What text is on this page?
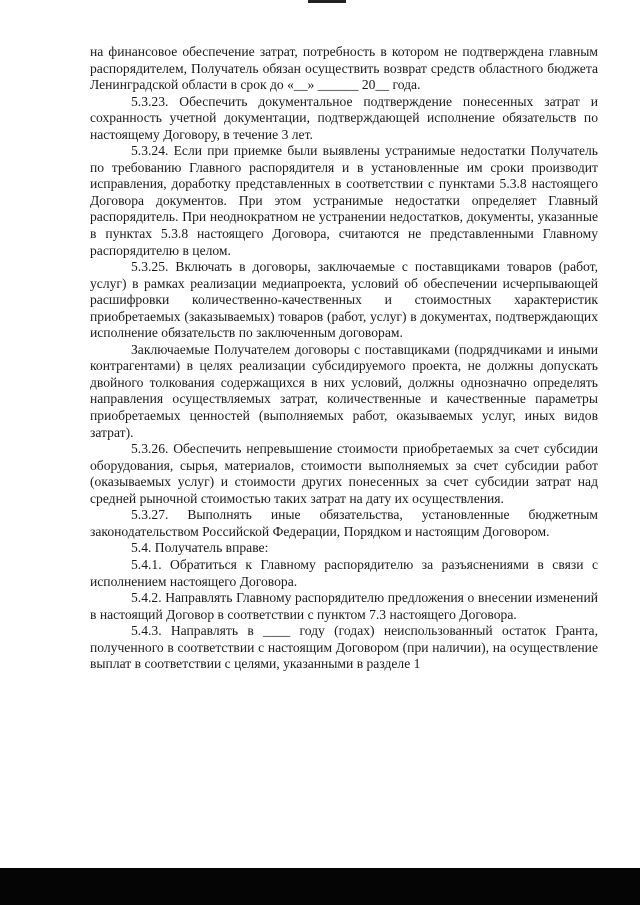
на финансовое обеспечение затрат, потребность в котором не подтверждена главным распорядителем, Получатель обязан осуществить возврат средств областного бюджета Ленинградской области в срок до «__» ______ 20__ года.

5.3.23. Обеспечить документальное подтверждение понесенных затрат и сохранность учетной документации, подтверждающей исполнение обязательств по настоящему Договору, в течение 3 лет.

5.3.24. Если при приемке были выявлены устранимые недостатки Получатель по требованию Главного распорядителя и в установленные им сроки производит исправления, доработку представленных в соответствии с пунктами 5.3.8 настоящего Договора документов. При этом устранимые недостатки определяет Главный распорядитель. При неоднократном не устранении недостатков, документы, указанные в пунктах 5.3.8 настоящего Договора, считаются не представленными Главному распорядителю в целом.

5.3.25. Включать в договоры, заключаемые с поставщиками товаров (работ, услуг) в рамках реализации медиапроекта, условий об обеспечении исчерпывающей расшифровки количественно-качественных и стоимостных характеристик приобретаемых (заказываемых) товаров (работ, услуг) в документах, подтверждающих исполнение обязательств по заключенным договорам.

Заключаемые Получателем договоры с поставщиками (подрядчиками и иными контрагентами) в целях реализации субсидируемого проекта, не должны допускать двойного толкования содержащихся в них условий, должны однозначно определять направления осуществляемых затрат, количественные и качественные параметры приобретаемых ценностей (выполняемых работ, оказываемых услуг, иных видов затрат).

5.3.26. Обеспечить непревышение стоимости приобретаемых за счет субсидии оборудования, сырья, материалов, стоимости выполняемых за счет субсидии работ (оказываемых услуг) и стоимости других понесенных за счет субсидии затрат над средней рыночной стоимостью таких затрат на дату их осуществления.

5.3.27. Выполнять иные обязательства, установленные бюджетным законодательством Российской Федерации, Порядком и настоящим Договором.

5.4. Получатель вправе:

5.4.1. Обратиться к Главному распорядителю за разъяснениями в связи с исполнением настоящего Договора.

5.4.2. Направлять Главному распорядителю предложения о внесении изменений в настоящий Договор в соответствии с пунктом 7.3 настоящего Договора.

5.4.3. Направлять в ____ году (годах) неиспользованный остаток Гранта, полученного в соответствии с настоящим Договором (при наличии), на осуществление выплат в соответствии с целями, указанными в разделе 1
